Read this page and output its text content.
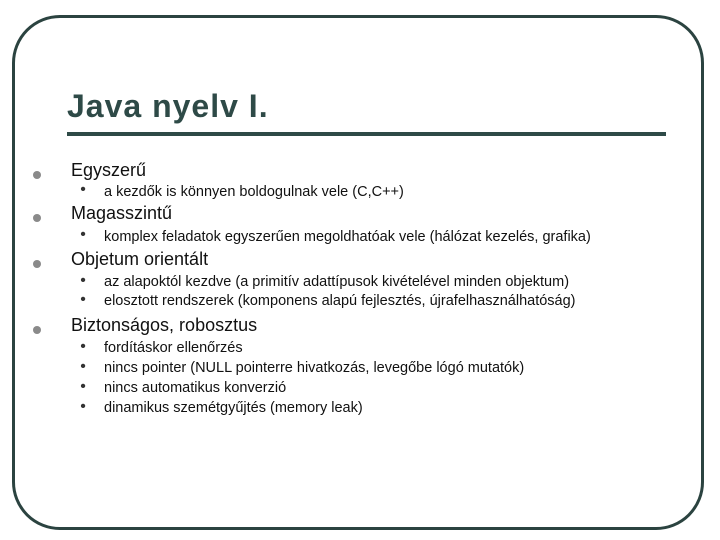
Java nyelv I.
Egyszerű
• a kezdők is könnyen boldogulnak vele (C,C++)
Magasszintű
• komplex feladatok egyszerűen megoldhatóak vele (hálózat kezelés, grafika)
Objetum orientált
• az alapoktól kezdve (a primitív adattípusok kivételével minden objektum)
• elosztott rendszerek (komponens alapú fejlesztés, újrafelhasználhatóság)
Biztonságos, robosztus
• fordításkor ellenőrzés
• nincs pointer (NULL pointerre hivatkozás, levegőbe lógó mutatók)
• nincs automatikus konverzió
• dinamikus szemétgyűjtés (memory leak)
